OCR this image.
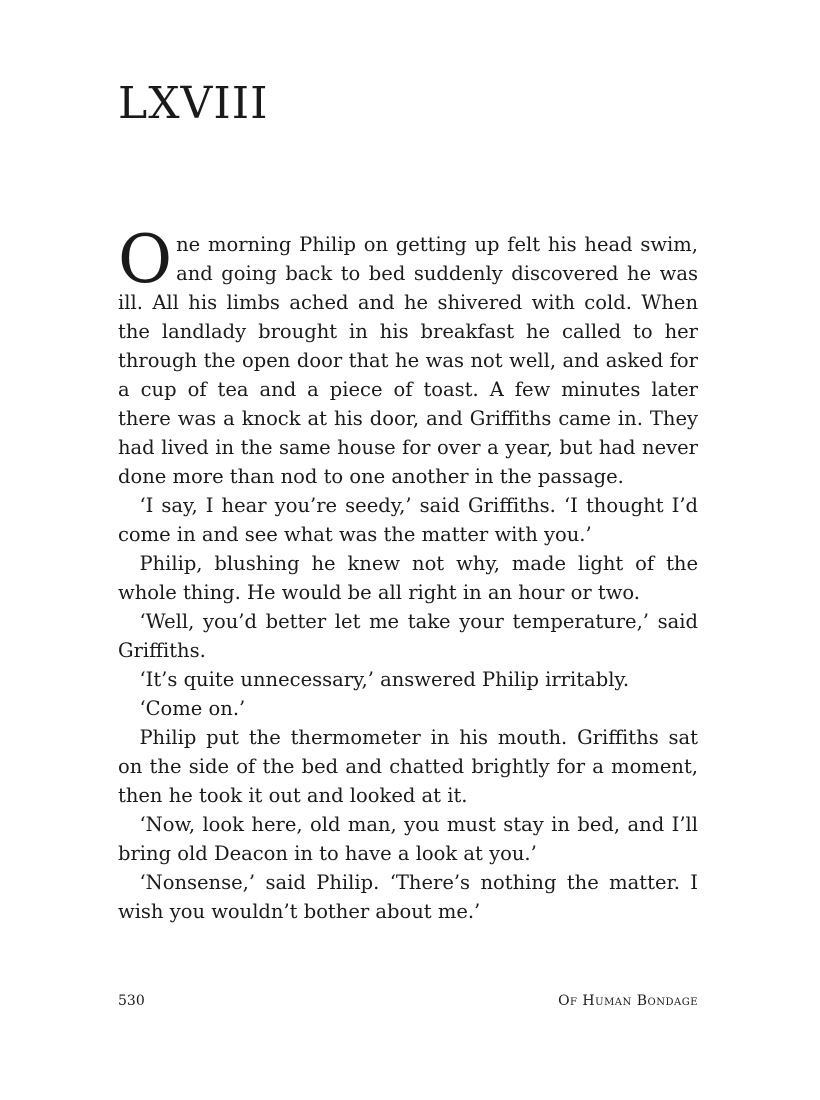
LXVIII

One morning Philip on getting up felt his head swim, and going back to bed suddenly discovered he was ill. All his limbs ached and he shivered with cold. When the landlady brought in his breakfast he called to her through the open door that he was not well, and asked for a cup of tea and a piece of toast. A few minutes later there was a knock at his door, and Griffiths came in. They had lived in the same house for over a year, but had never done more than nod to one another in the passage.

‘I say, I hear you’re seedy,’ said Griffiths. ‘I thought I’d come in and see what was the matter with you.’

Philip, blushing he knew not why, made light of the whole thing. He would be all right in an hour or two.

‘Well, you’d better let me take your temperature,’ said Griffiths.

‘It’s quite unnecessary,’ answered Philip irritably.

‘Come on.’

Philip put the thermometer in his mouth. Griffiths sat on the side of the bed and chatted brightly for a moment, then he took it out and looked at it.

‘Now, look here, old man, you must stay in bed, and I’ll bring old Deacon in to have a look at you.’

‘Nonsense,’ said Philip. ‘There’s nothing the matter. I wish you wouldn’t bother about me.’

530	Of Human Bondage
